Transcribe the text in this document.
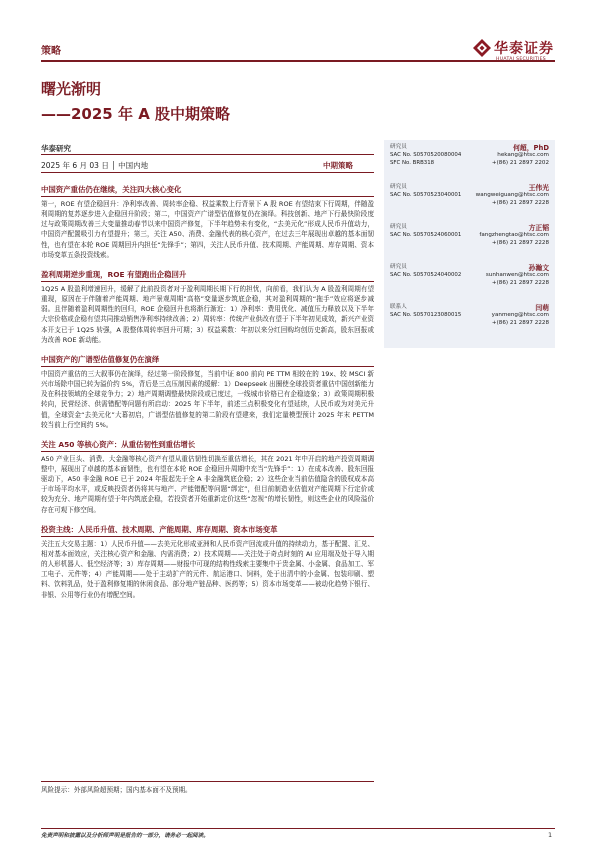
策略	华泰证券
曙光渐明
——2025 年 A 股中期策略
华泰研究
2025 年 6 月 03 日 │ 中国内地	中期策略
中国资产重估仍在继续，关注四大核心变化
第一，ROE 有望企稳回升：净利率改善、周转率企稳、权益乘数上行背景下 A 股 ROE 有望结束下行周期，伴随盈利周期的复苏逐步进入企稳回升阶段；第二，中国资产广谱型估值修复仍在演绎。科技创新、地产下行最快阶段度过与政策周期改善三大变量推动春节以来中国资产修复，下半年趋势未有变化，“去美元化”形成人民币升值动力，中国资产配置吸引力有望提升；第三，关注 A50、消费、金融代表的核心资产，在过去三年展现出卓越的基本面韧性，也有望在本轮 ROE 周期回升内担任“先锋手”；第四，关注人民币升值、技术周期、产能周期、库存周期、资本市场变革五条投资线索。
盈利周期逆步重现，ROE 有望跑出企稳回升
1Q25 A 股盈利增速回升，缓解了此前投资者对于盈利周期长期下行的担忧，向前看，我们认为 A 股盈利周期有望重现，原因在于伴随着产能周期、地产景观周期“高格”变量逐步筑底企稳，其对盈利周期的“拖手”效应将逐步减弱。且伴随着盈利周期性的回归，ROE 企稳回升也将渐行渐近：1）净利率：费用优化、减值压力释放以及下半年大宗价格或企稳有望共同推动销售净利率持续改善；2）周转率：传统产业供改有望于下半年初见成效，新兴产业资本开支已于 1Q25 转强，A 股整体周转率回升可期；3）权益乘数：年初以来分红回购均创历史新高，股东回报或为改善 ROE 新动能。
中国资产的广谱型估值修复仍在演绎
中国资产重估的三大叙事仍在演绎，经过第一阶段修复，当前中证 800 前向 PE TTM 相较在的 19x、较 MSCI 新兴市场除中国已转为溢价约 5%，背后是三点压制因素的缓解：1）Deepseek 出圈使全球投资者重估中国创新能力及在科技领域的全球竞争力；2）地产周期调整最快阶段或已度过，一线城市价格已有企稳迹象；3）政策周期积极转向，民营经济、供需错配等问题有所启动：2025 年下半年，前述三点积极变化有望延续，人民币或为对美元升值，全球资金“去美元化”大幕初启，广谱型估值修复的第二阶段有望建来，我们定量模型预计 2025 年末 PETTM 较当前上行空间约 5%。
关注 A50 等核心资产：从重估韧性到重估增长
A50 产业巨头、消费、大金融等核心资产有望从重估韧性切换至重估增长，其在 2021 年中开启的地产投资周期调整中，展现出了卓越的基本面韧性，也有望在本轮 ROE 企稳回升周期中充当“先锋手”：1）在成本改善、股东回报驱动下，A50 非金融 ROE 已于 2024 年报起先于全 A 非金融筑底企稳；2）这些企业当前估值隐含的股权成本高于市场平均水平，或反映投资者仍将其与地产、产能错配等问题“绑定”，但目前制造业估值对产能周期下行定价或较为充分、地产周期有望于年内筑底企稳，若投资者开始重新定价这些“忽视”的增长韧性，则这些企业的风险溢价存在可观下修空间。
投资主线：人民币升值、技术周期、产能周期、库存周期、资本市场变革
关注五大交易主题：1）人民币升值——去美元化形成亚洲和人民币资产回流或升值的持续动力，基于配置、汇兑、相对基本面效应，关注核心资产和金融、内需消费；2）技术周期——关注处于奇点时刻的 AI 应用端及处于导入期的人形机器人、低空经济等；3）库存周期——财报中可现的结构性线索主要集中于贵金属、小金属、食品加工、军工电子、元件等；4）产能周期——处于主动扩产的元件、航运港口、饲料，处于出清中的小金属、包装印刷、塑料、饮料乳品，处于盈利修复期的休闲食品、部分地产链品种、医药等；5）资本市场变革——被动化趋势下银行、非银、公用等行业仍有增配空间。
风险提示：外部风险超预期；国内基本面不及预期。
研究员	何超，PhD
SAC No. S0570520080004	hekang@htsc.com
SFC No. BRB318	+(86) 21 2897 2202
研究员	王伟光
SAC No. S0570523040001	wangweiguang@htsc.com
+(86) 21 2897 2228
研究员	方正韬
SAC No. S0570524060001	fangzhengtao@htsc.com
+(86) 21 2897 2228
研究员	孙瀚文
SAC No. S0570524040002	sunhanwen@htsc.com
+(86) 21 2897 2228
联系人	闫萌
SAC No. S0570123080015	yanmeng@htsc.com
+(86) 21 2897 2228
免责声明和披露以及分析师声明是报告的一部分，请务必一起阅读。	1
